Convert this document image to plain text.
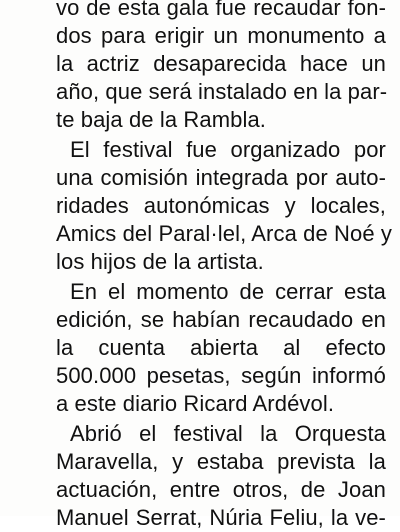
vo de esta gala fue recaudar fon-
dos para erigir un monumento a
la actriz desaparecida hace un
año, que será instalado en la par-
te baja de la Rambla.
El festival fue organizado por
una comisión integrada por auto-
ridades autonómicas y locales,
Amics del Paral·lel, Arca de Noé y
los hijos de la artista.
En el momento de cerrar esta
edición, se habían recaudado en
la cuenta abierta al efecto
500.000 pesetas, según informó
a este diario Ricard Ardévol.
Abrió el festival la Orquesta
Maravella, y estaba prevista la
actuación, entre otros, de Joan
Manuel Serrat, Núria Feliu, la ve-
